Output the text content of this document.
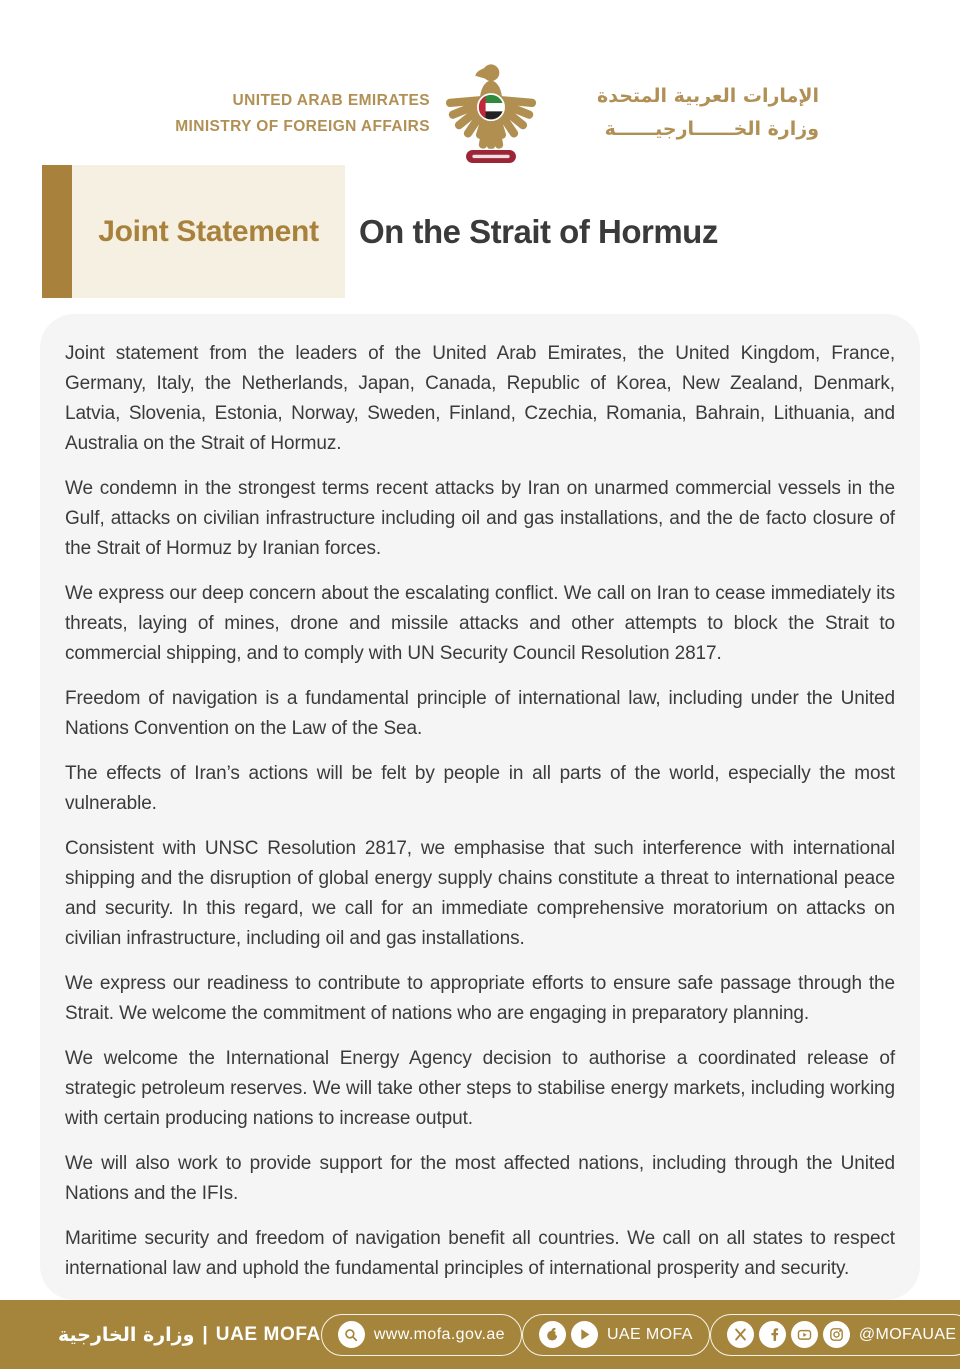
UNITED ARAB EMIRATES
MINISTRY OF FOREIGN AFFAIRS
الإمارات العربية المتحدة
وزارة الخــــــارجيــــــة
Joint Statement On the Strait of Hormuz

Joint statement from the leaders of the United Arab Emirates, the United Kingdom, France, Germany, Italy, the Netherlands, Japan, Canada, Republic of Korea, New Zealand, Denmark, Latvia, Slovenia, Estonia, Norway, Sweden, Finland, Czechia, Romania, Bahrain, Lithuania, and Australia on the Strait of Hormuz.

We condemn in the strongest terms recent attacks by Iran on unarmed commercial vessels in the Gulf, attacks on civilian infrastructure including oil and gas installations, and the de facto closure of the Strait of Hormuz by Iranian forces.

We express our deep concern about the escalating conflict. We call on Iran to cease immediately its threats, laying of mines, drone and missile attacks and other attempts to block the Strait to commercial shipping, and to comply with UN Security Council Resolution 2817.

Freedom of navigation is a fundamental principle of international law, including under the United Nations Convention on the Law of the Sea.

The effects of Iran’s actions will be felt by people in all parts of the world, especially the most vulnerable.

Consistent with UNSC Resolution 2817, we emphasise that such interference with international shipping and the disruption of global energy supply chains constitute a threat to international peace and security. In this regard, we call for an immediate comprehensive moratorium on attacks on civilian infrastructure, including oil and gas installations.

We express our readiness to contribute to appropriate efforts to ensure safe passage through the Strait. We welcome the commitment of nations who are engaging in preparatory planning.

We welcome the International Energy Agency decision to authorise a coordinated release of strategic petroleum reserves. We will take other steps to stabilise energy markets, including working with certain producing nations to increase output.

We will also work to provide support for the most affected nations, including through the United Nations and the IFIs.

Maritime security and freedom of navigation benefit all countries. We call on all states to respect international law and uphold the fundamental principles of international prosperity and security.

وزارة الخارجية | UAE MOFA	www.mofa.gov.ae	UAE MOFA	@MOFAUAE
